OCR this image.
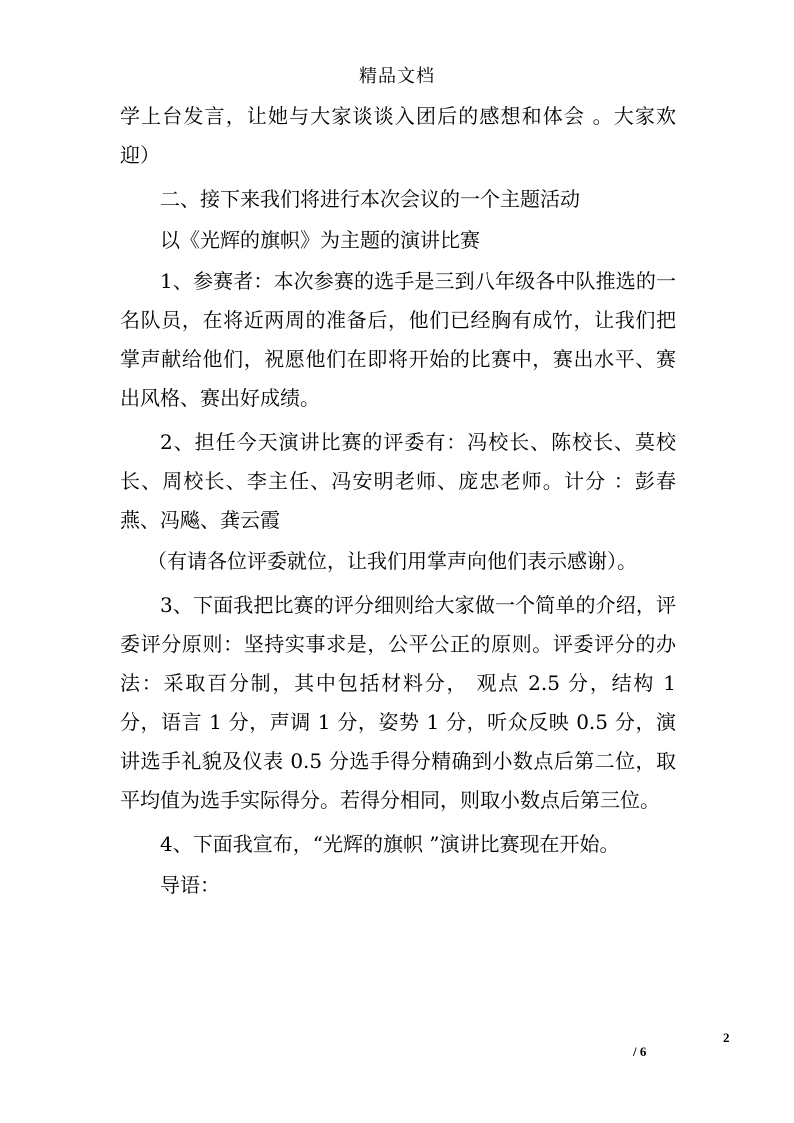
精品文档

学上台发言，让她与大家谈谈入团后的感想和体会 。大家欢迎）

二、接下来我们将进行本次会议的一个主题活动

以《光辉的旗帜》为主题的演讲比赛

1、参赛者：本次参赛的选手是三到八年级各中队推选的一名队员，在将近两周的准备后，他们已经胸有成竹，让我们把掌声献给他们，祝愿他们在即将开始的比赛中，赛出水平、赛出风格、赛出好成绩。

2、担任今天演讲比赛的评委有：冯校长、陈校长、莫校长、周校长、李主任、冯安明老师、庞忠老师。计分 ：彭春燕、冯飚、龚云霞

（有请各位评委就位，让我们用掌声向他们表示感谢）。

3、下面我把比赛的评分细则给大家做一个简单的介绍，评委评分原则：坚持实事求是，公平公正的原则。评委评分的办法：采取百分制，其中包括材料分， 观点 2.5 分，结构 1 分，语言 1 分，声调 1 分，姿势 1 分，听众反映 0.5 分，演讲选手礼貌及仪表 0.5 分选手得分精确到小数点后第二位，取平均值为选手实际得分。若得分相同，则取小数点后第三位。

4、下面我宣布，“光辉的旗帜 ”演讲比赛现在开始。

导语：

2
/ 6
